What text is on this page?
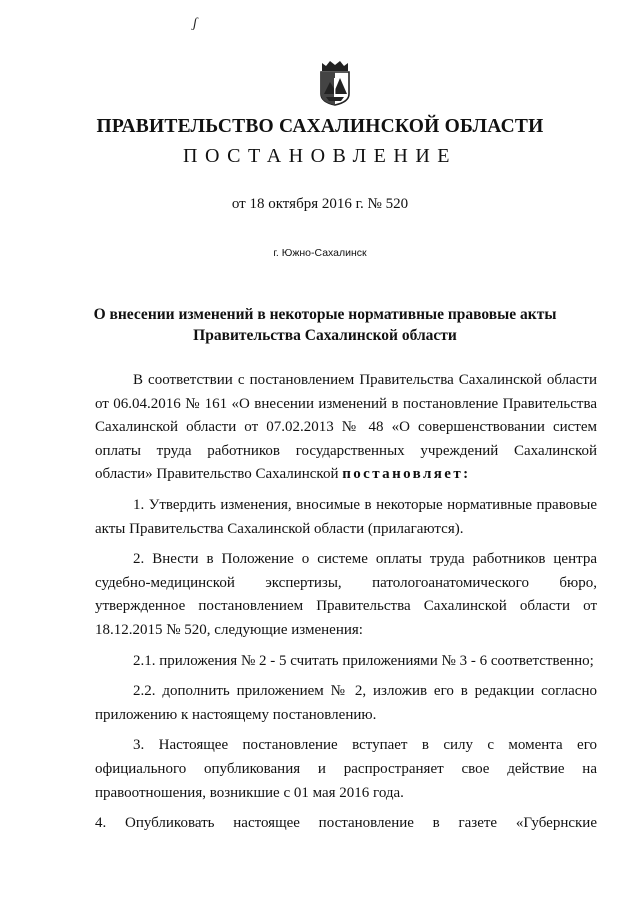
ʃ
ПРАВИТЕЛЬСТВО САХАЛИНСКОЙ ОБЛАСТИ
ПОСТАНОВЛЕНИЕ
от 18 октября 2016 г. № 520
г. Южно-Сахалинск
О внесении изменений в некоторые нормативные правовые акты
Правительства Сахалинской области

В соответствии с постановлением Правительства Сахалинской области от 06.04.2016 № 161 «О внесении изменений в постановление Правительства Сахалинской области от 07.02.2013 № 48 «О совершенствовании систем оплаты труда работников государственных учреждений Сахалинской области» Правительство Сахалинской постановляет:

1. Утвердить изменения, вносимые в некоторые нормативные правовые акты Правительства Сахалинской области (прилагаются).

2. Внести в Положение о системе оплаты труда работников центра судебно-медицинской экспертизы, патологоанатомического бюро, утвержденное постановлением Правительства Сахалинской области от 18.12.2015 № 520, следующие изменения:

2.1. приложения № 2 - 5 считать приложениями № 3 - 6 соответственно;

2.2. дополнить приложением № 2, изложив его в редакции согласно приложению к настоящему постановлению.

3. Настоящее постановление вступает в силу с момента его официального опубликования и распространяет свое действие на правоотношения, возникшие с 01 мая 2016 года.

4. Опубликовать настоящее постановление в газете «Губернские
